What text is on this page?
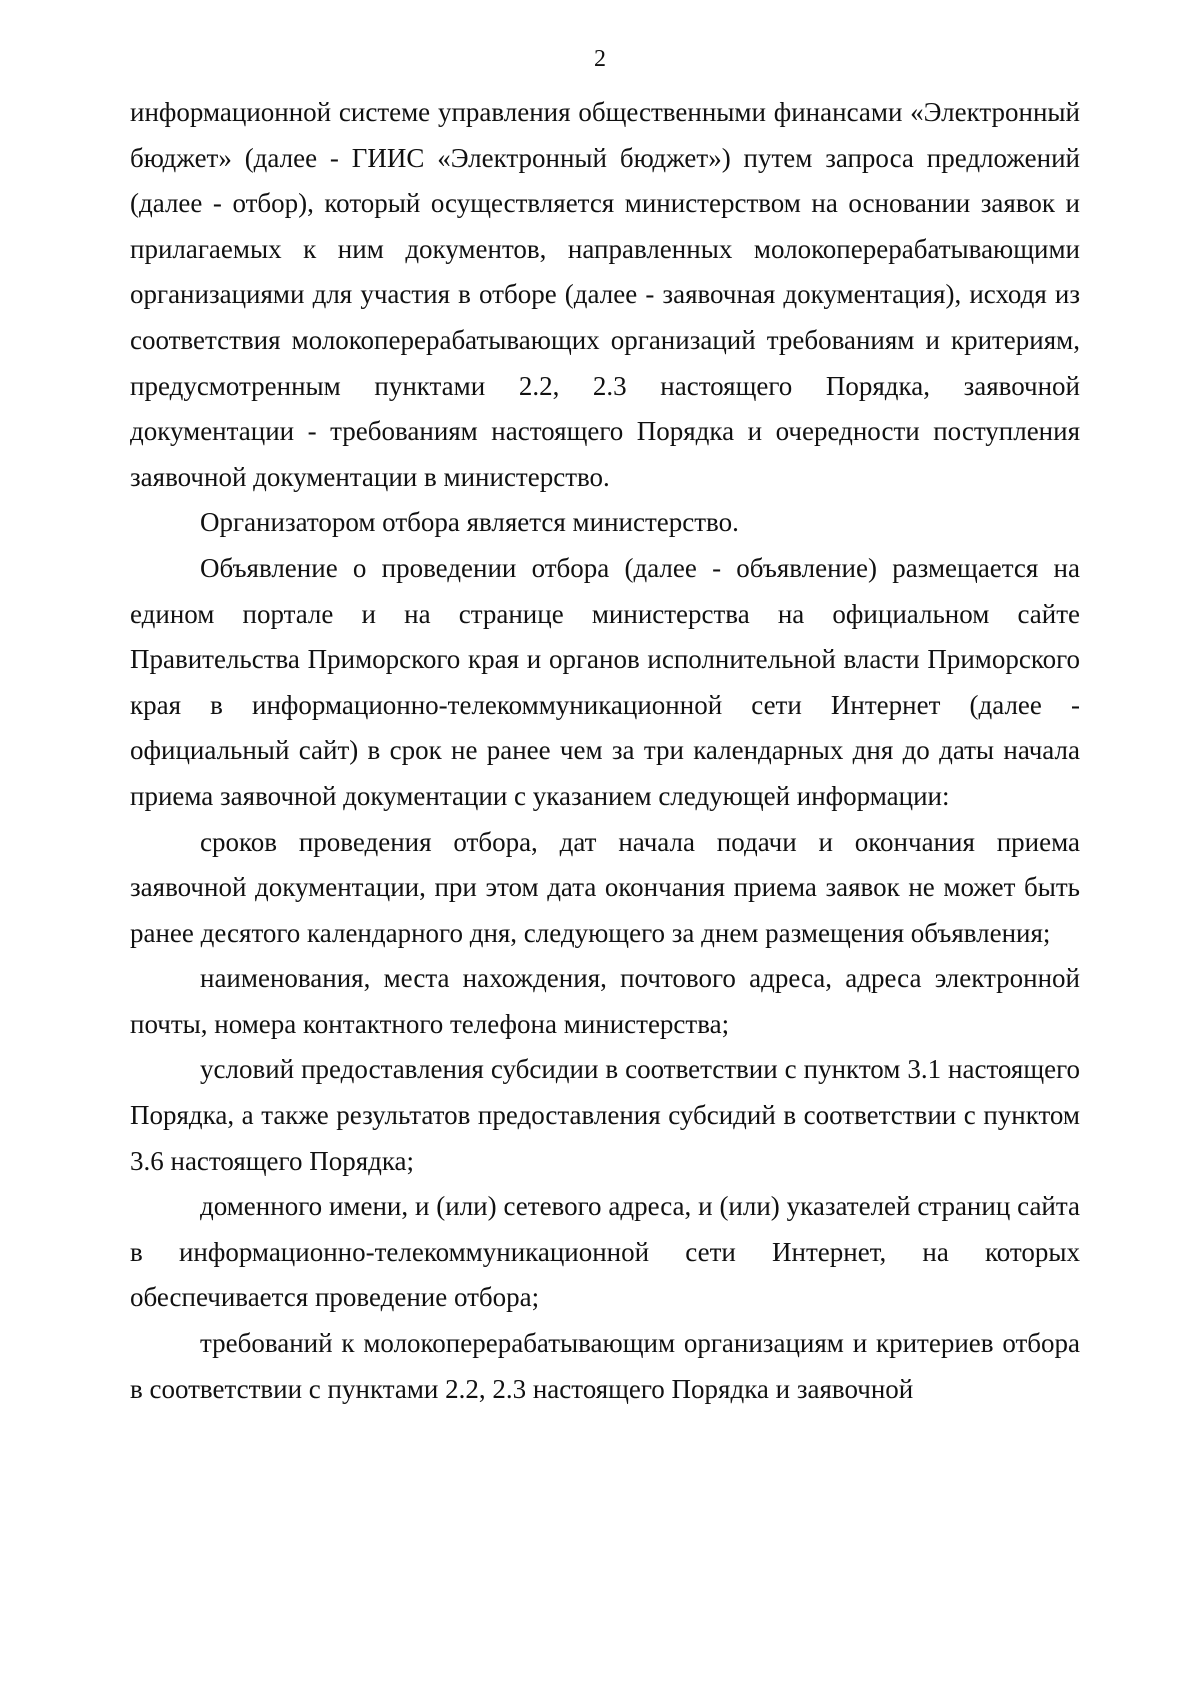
2

информационной системе управления общественными финансами «Электронный бюджет» (далее - ГИИС «Электронный бюджет») путем запроса предложений (далее - отбор), который осуществляется министерством на основании заявок и прилагаемых к ним документов, направленных молокоперерабатывающими организациями для участия в отборе (далее - заявочная документация), исходя из соответствия молокоперерабатывающих организаций требованиям и критериям, предусмотренным пунктами 2.2, 2.3 настоящего Порядка, заявочной документации - требованиям настоящего Порядка и очередности поступления заявочной документации в министерство.

Организатором отбора является министерство.

Объявление о проведении отбора (далее - объявление) размещается на едином портале и на странице министерства на официальном сайте Правительства Приморского края и органов исполнительной власти Приморского края в информационно-телекоммуникационной сети Интернет (далее - официальный сайт) в срок не ранее чем за три календарных дня до даты начала приема заявочной документации с указанием следующей информации:

сроков проведения отбора, дат начала подачи и окончания приема заявочной документации, при этом дата окончания приема заявок не может быть ранее десятого календарного дня, следующего за днем размещения объявления;

наименования, места нахождения, почтового адреса, адреса электронной почты, номера контактного телефона министерства;

условий предоставления субсидии в соответствии с пунктом 3.1 настоящего Порядка, а также результатов предоставления субсидий в соответствии с пунктом 3.6 настоящего Порядка;

доменного имени, и (или) сетевого адреса, и (или) указателей страниц сайта в информационно-телекоммуникационной сети Интернет, на которых обеспечивается проведение отбора;

требований к молокоперерабатывающим организациям и критериев отбора в соответствии с пунктами 2.2, 2.3 настоящего Порядка и заявочной
